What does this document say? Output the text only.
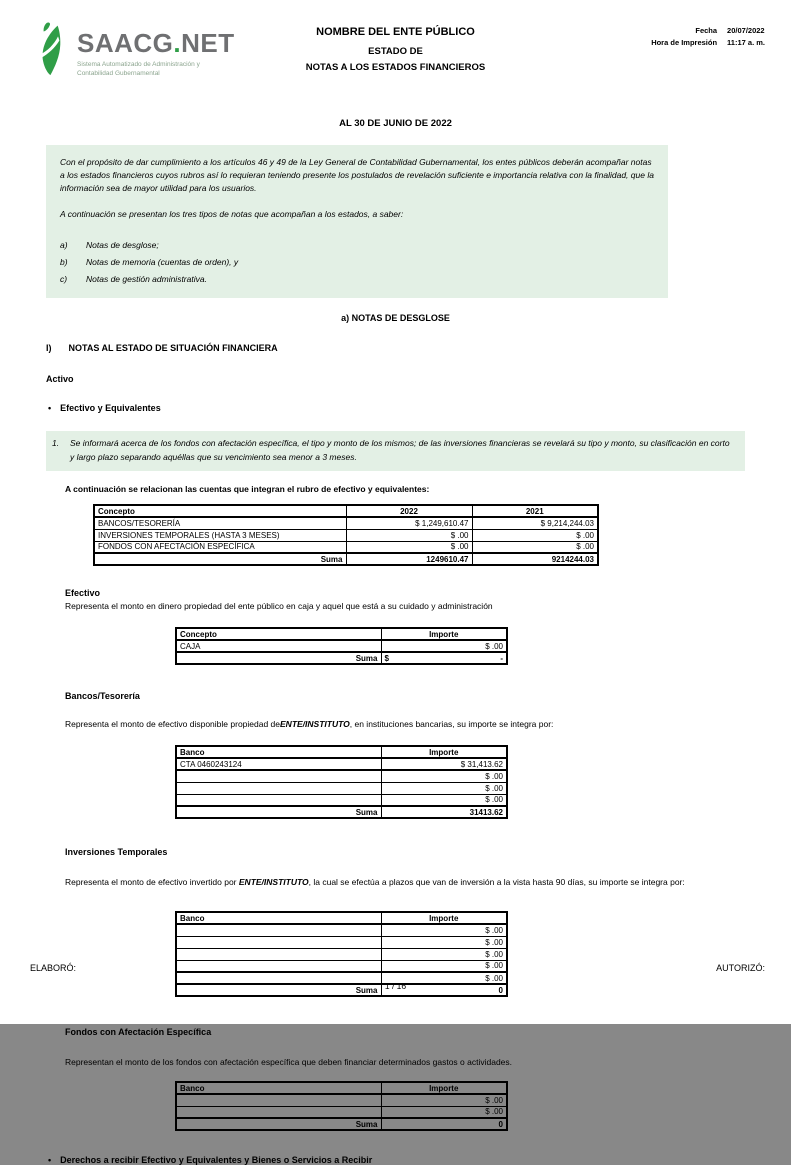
SAACG.NET
Sistema Automatizado de Administración y
Contabilidad Gubernamental
NOMBRE DEL ENTE PÚBLICO
ESTADO DE
NOTAS A LOS ESTADOS FINANCIEROS
Fecha 20/07/2022
Hora de Impresión 11:17 a. m.
AL 30 DE JUNIO DE 2022
Con el propósito de dar cumplimiento a los artículos 46 y 49 de la Ley General de Contabilidad Gubernamental, los entes públicos deberán acompañar notas a los estados financieros cuyos rubros así lo requieran teniendo presente los postulados de revelación suficiente e importancia relativa con la finalidad, que la información sea de mayor utilidad para los usuarios.
A continuación se presentan los tres tipos de notas que acompañan a los estados, a saber:
a)	Notas de desglose;
b)	Notas de memoria (cuentas de orden), y
c)	Notas de gestión administrativa.
a) NOTAS DE DESGLOSE
I) NOTAS AL ESTADO DE SITUACIÓN FINANCIERA
Activo
• Efectivo y Equivalentes
1.	Se informará acerca de los fondos con afectación específica, el tipo y monto de los mismos; de las inversiones financieras se revelará su tipo y monto, su clasificación en corto y largo plazo separando aquéllas que su vencimiento sea menor a 3 meses.
A continuación se relacionan las cuentas que integran el rubro de efectivo y equivalentes:
Concepto	2022	2021
BANCOS/TESORERÍA	$ 1,249,610.47	$ 9,214,244.03
INVERSIONES TEMPORALES (HASTA 3 MESES)	$ .00	$ .00
FONDOS CON AFECTACIÓN ESPECÍFICA	$ .00	$ .00
Suma	1249610.47	9214244.03
Efectivo
Representa el monto en dinero propiedad del ente público en caja y aquel que está a su cuidado y administración
Concepto	Importe
CAJA	$ .00
Suma	$ -
Bancos/Tesorería
Representa el monto de efectivo disponible propiedad deENTE/INSTITUTO, en instituciones bancarias, su importe se integra por:
Banco	Importe
CTA 0460243124	$ 31,413.62
	$ .00
	$ .00
	$ .00
Suma	31413.62
Inversiones Temporales
Representa el monto de efectivo invertido por ENTE/INSTITUTO, la cual se efectúa a plazos que van de inversión a la vista hasta 90 días, su importe se integra por:
Banco	Importe
	$ .00
	$ .00
	$ .00
	$ .00
	$ .00
Suma	0
Fondos con Afectación Específica
Representan el monto de los fondos con afectación específica que deben financiar determinados gastos o actividades.
Banco	Importe
	$ .00
	$ .00
Suma	0
• Derechos a recibir Efectivo y Equivalentes y Bienes o Servicios a Recibir
ELABORÓ:	AUTORIZÓ:
1 / 16
